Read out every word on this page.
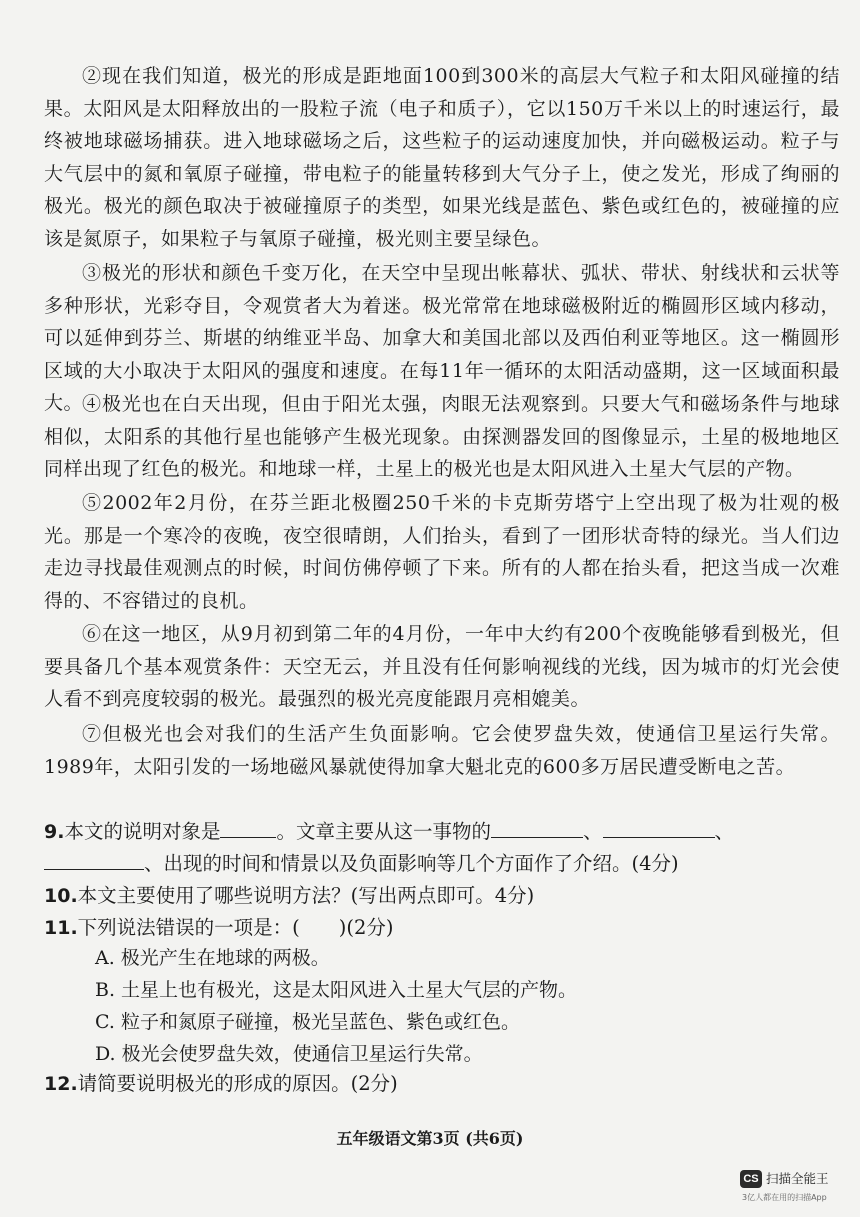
②现在我们知道，极光的形成是距地面100到300米的高层大气粒子和太阳风碰撞的结果。太阳风是太阳释放出的一股粒子流（电子和质子），它以150万千米以上的时速运行，最终被地球磁场捕获。进入地球磁场之后，这些粒子的运动速度加快，并向磁极运动。粒子与大气层中的氮和氧原子碰撞，带电粒子的能量转移到大气分子上，使之发光，形成了绚丽的极光。极光的颜色取决于被碰撞原子的类型，如果光线是蓝色、紫色或红色的，被碰撞的应该是氮原子，如果粒子与氧原子碰撞，极光则主要呈绿色。

③极光的形状和颜色千变万化，在天空中呈现出帐幕状、弧状、带状、射线状和云状等多种形状，光彩夺目，令观赏者大为着迷。极光常常在地球磁极附近的椭圆形区域内移动，可以延伸到芬兰、斯堪的纳维亚半岛、加拿大和美国北部以及西伯利亚等地区。这一椭圆形区域的大小取决于太阳风的强度和速度。在每11年一循环的太阳活动盛期，这一区域面积最大。

④极光也在白天出现，但由于阳光太强，肉眼无法观察到。只要大气和磁场条件与地球相似，太阳系的其他行星也能够产生极光现象。由探测器发回的图像显示，土星的极地地区同样出现了红色的极光。和地球一样，土星上的极光也是太阳风进入土星大气层的产物。

⑤2002年2月份，在芬兰距北极圈250千米的卡克斯劳塔宁上空出现了极为壮观的极光。那是一个寒冷的夜晚，夜空很晴朗，人们抬头，看到了一团形状奇特的绿光。当人们边走边寻找最佳观测点的时候，时间仿佛停顿了下来。所有的人都在抬头看，把这当成一次难得的、不容错过的良机。

⑥在这一地区，从9月初到第二年的4月份，一年中大约有200个夜晚能够看到极光，但要具备几个基本观赏条件：天空无云，并且没有任何影响视线的光线，因为城市的灯光会使人看不到亮度较弱的极光。最强烈的极光亮度能跟月亮相媲美。

⑦但极光也会对我们的生活产生负面影响。它会使罗盘失效，使通信卫星运行失常。1989年，太阳引发的一场地磁风暴就使得加拿大魁北克的600多万居民遭受断电之苦。

9.本文的说明对象是	。文章主要从这一事物的	、	、

、出现的时间和情景以及负面影响等几个方面作了介绍。(4分)

10.本文主要使用了哪些说明方法？(写出两点即可。4分)

11.下列说法错误的一项是：(　　)(2分)

A. 极光产生在地球的两极。

B. 土星上也有极光，这是太阳风进入土星大气层的产物。

C. 粒子和氮原子碰撞，极光呈蓝色、紫色或红色。

D. 极光会使罗盘失效，使通信卫星运行失常。

12.请简要说明极光的形成的原因。(2分)

五年级语文第3页 (共6页)
CS 扫描全能王
3亿人都在用的扫描App
